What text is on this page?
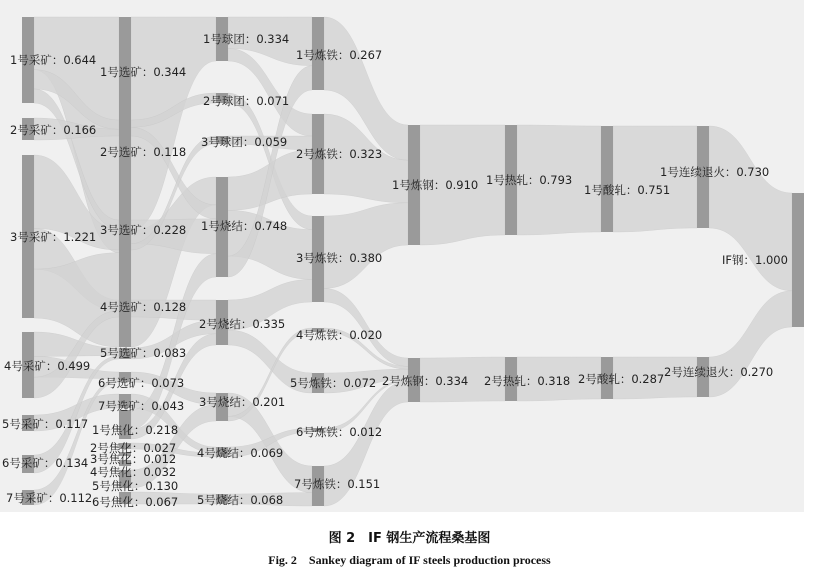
1号采矿：0.644
2号采矿：0.166
3号采矿：1.221
4号采矿：0.499
5号采矿：0.117
6号采矿：0.134
7号采矿：0.112
1号选矿：0.344
2号选矿：0.118
3号选矿：0.228
4号选矿：0.128
5号选矿：0.083
6号选矿：0.073
7号选矿：0.043
1号焦化：0.218
2号焦化：0.027
3号焦化：0.012
4号焦化：0.032
5号焦化：0.130
6号焦化：0.067
1号球团：0.334
2号球团：0.071
3号球团：0.059
1号烧结：0.748
2号烧结：0.335
3号烧结：0.201
4号烧结：0.069
5号烧结：0.068
1号炼铁：0.267
2号炼铁：0.323
3号炼铁：0.380
4号炼铁：0.020
5号炼铁：0.072
6号炼铁：0.012
7号炼铁：0.151
1号炼钢：0.910
2号炼钢：0.334
1号热轧：0.793
2号热轧：0.318
1号酸轧：0.751
2号酸轧：0.287
1号连续退火：0.730
2号连续退火：0.270
IF钢：1.000
图 2　IF 钢生产流程桑基图
Fig. 2　Sankey diagram of IF steels production process
